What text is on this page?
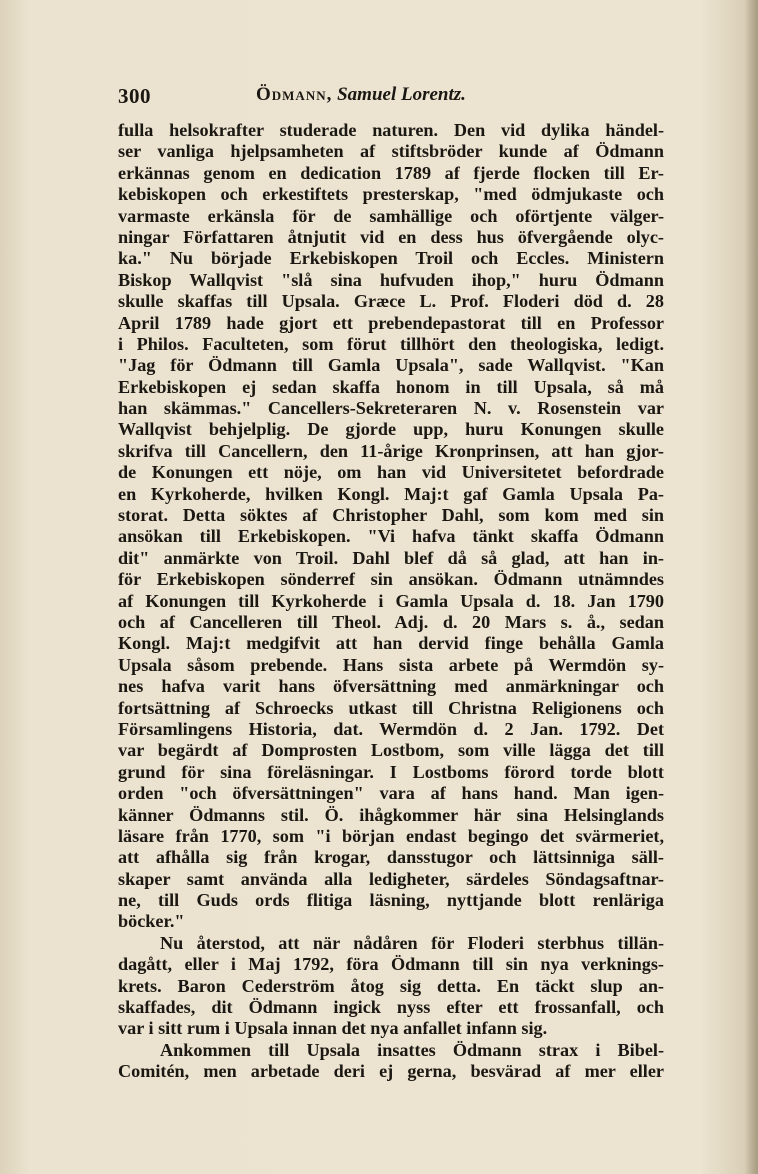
300	Ödmann, Samuel Lorentz.
fulla helsokrafter studerade naturen. Den vid dylika händel-
ser vanliga hjelpsamheten af stiftsbröder kunde af Ödmann
erkännas genom en dedication 1789 af fjerde flocken till Er-
kebiskopen och erkestiftets presterskap, "med ödmjukaste och
varmaste erkänsla för de samhällige och oförtjente välger-
ningar Författaren åtnjutit vid en dess hus öfvergående olyc-
ka." Nu började Erkebiskopen Troil och Eccles. Ministern
Biskop Wallqvist "slå sina hufvuden ihop," huru Ödmann
skulle skaffas till Upsala. Græce L. Prof. Floderi död d. 28
April 1789 hade gjort ett prebendepastorat till en Professor
i Philos. Faculteten, som förut tillhört den theologiska, ledigt.
"Jag för Ödmann till Gamla Upsala", sade Wallqvist. "Kan
Erkebiskopen ej sedan skaffa honom in till Upsala, så må
han skämmas." Cancellers-Sekreteraren N. v. Rosenstein var
Wallqvist behjelplig. De gjorde upp, huru Konungen skulle
skrifva till Cancellern, den 11-årige Kronprinsen, att han gjor-
de Konungen ett nöje, om han vid Universitetet befordrade
en Kyrkoherde, hvilken Kongl. Maj:t gaf Gamla Upsala Pa-
storat. Detta söktes af Christopher Dahl, som kom med sin
ansökan till Erkebiskopen. "Vi hafva tänkt skaffa Ödmann
dit" anmärkte von Troil. Dahl blef då så glad, att han in-
för Erkebiskopen sönderref sin ansökan. Ödmann utnämndes
af Konungen till Kyrkoherde i Gamla Upsala d. 18. Jan 1790
och af Cancelleren till Theol. Adj. d. 20 Mars s. å., sedan
Kongl. Maj:t medgifvit att han dervid finge behålla Gamla
Upsala såsom prebende. Hans sista arbete på Wermdön sy-
nes hafva varit hans öfversättning med anmärkningar och
fortsättning af Schroecks utkast till Christna Religionens och
Församlingens Historia, dat. Wermdön d. 2 Jan. 1792. Det
var begärdt af Domprosten Lostbom, som ville lägga det till
grund för sina föreläsningar. I Lostboms förord torde blott
orden "och öfversättningen" vara af hans hand. Man igen-
känner Ödmanns stil. Ö. ihågkommer här sina Helsinglands
läsare från 1770, som "i början endast begingo det svärmeriet,
att afhålla sig från krogar, dansstugor och lättsinniga säll-
skaper samt använda alla ledigheter, särdeles Söndagsaftnar-
ne, till Guds ords flitiga läsning, nyttjande blott renläriga
böcker."
Nu återstod, att när nådåren för Floderi sterbhus tillän-
dagått, eller i Maj 1792, föra Ödmann till sin nya verknings-
krets. Baron Cederström åtog sig detta. En täckt slup an-
skaffades, dit Ödmann ingick nyss efter ett frossanfall, och
var i sitt rum i Upsala innan det nya anfallet infann sig.
Ankommen till Upsala insattes Ödmann strax i Bibel-
Comitén, men arbetade deri ej gerna, besvärad af mer eller
